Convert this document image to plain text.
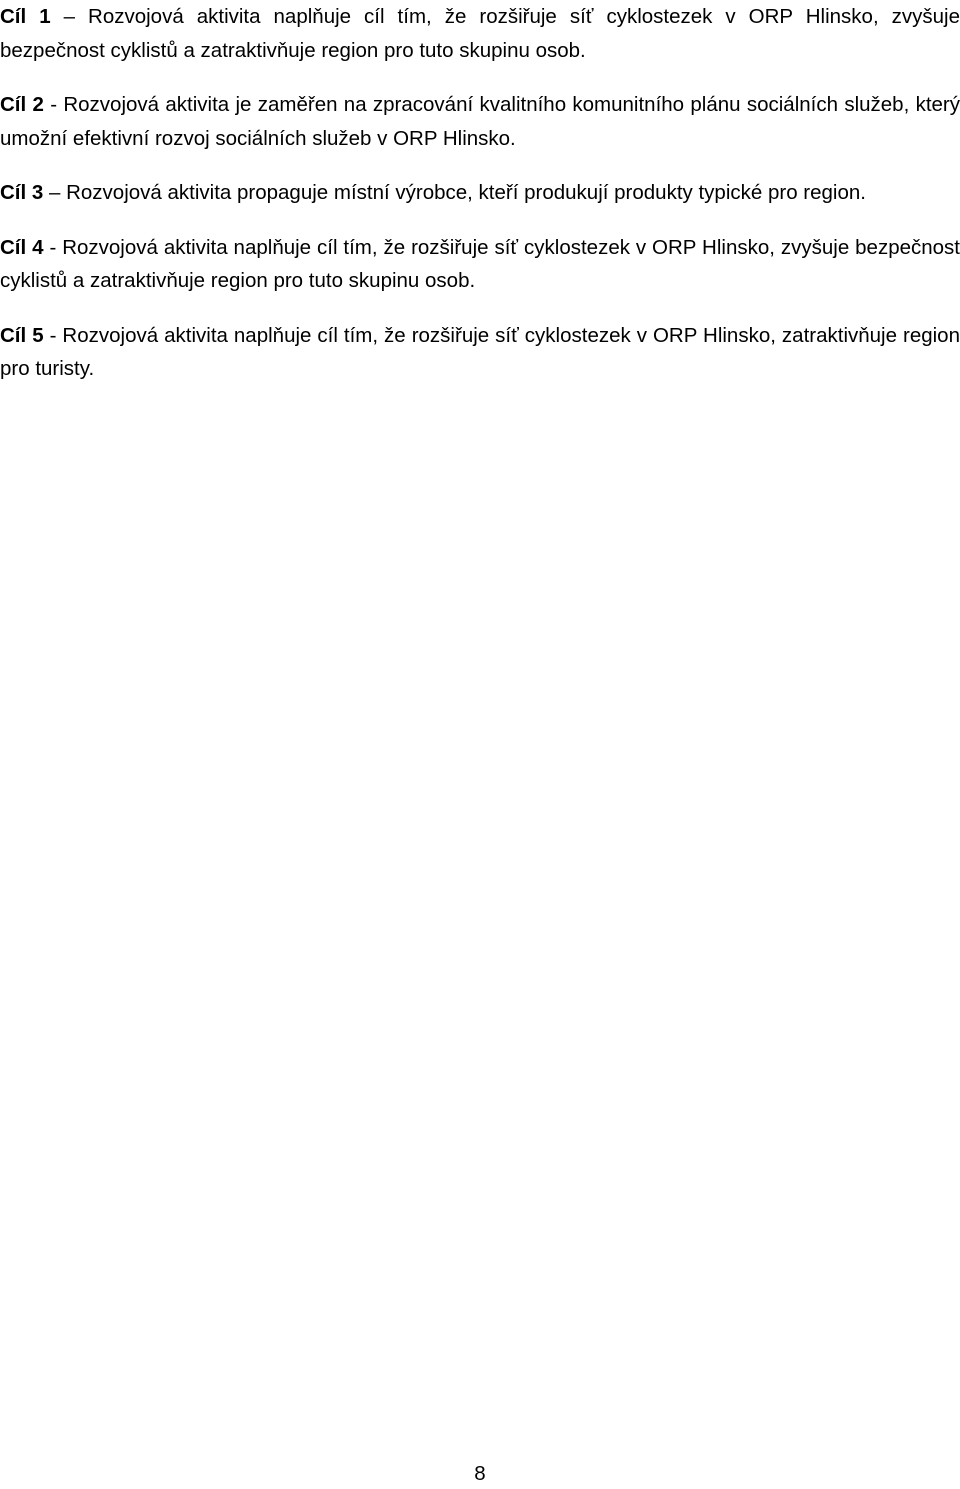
Cíl 1 – Rozvojová aktivita naplňuje cíl tím, že rozšiřuje síť cyklostezek v ORP Hlinsko, zvyšuje bezpečnost cyklistů a zatraktivňuje region pro tuto skupinu osob.

Cíl 2 - Rozvojová aktivita je zaměřen na zpracování kvalitního komunitního plánu sociálních služeb, který umožní efektivní rozvoj sociálních služeb v ORP Hlinsko.

Cíl 3 – Rozvojová aktivita propaguje místní výrobce, kteří produkují produkty typické pro region.

Cíl 4 - Rozvojová aktivita naplňuje cíl tím, že rozšiřuje síť cyklostezek v ORP Hlinsko, zvyšuje bezpečnost cyklistů a zatraktivňuje region pro tuto skupinu osob.

Cíl 5 - Rozvojová aktivita naplňuje cíl tím, že rozšiřuje síť cyklostezek v ORP Hlinsko, zatraktivňuje region pro turisty.

8
